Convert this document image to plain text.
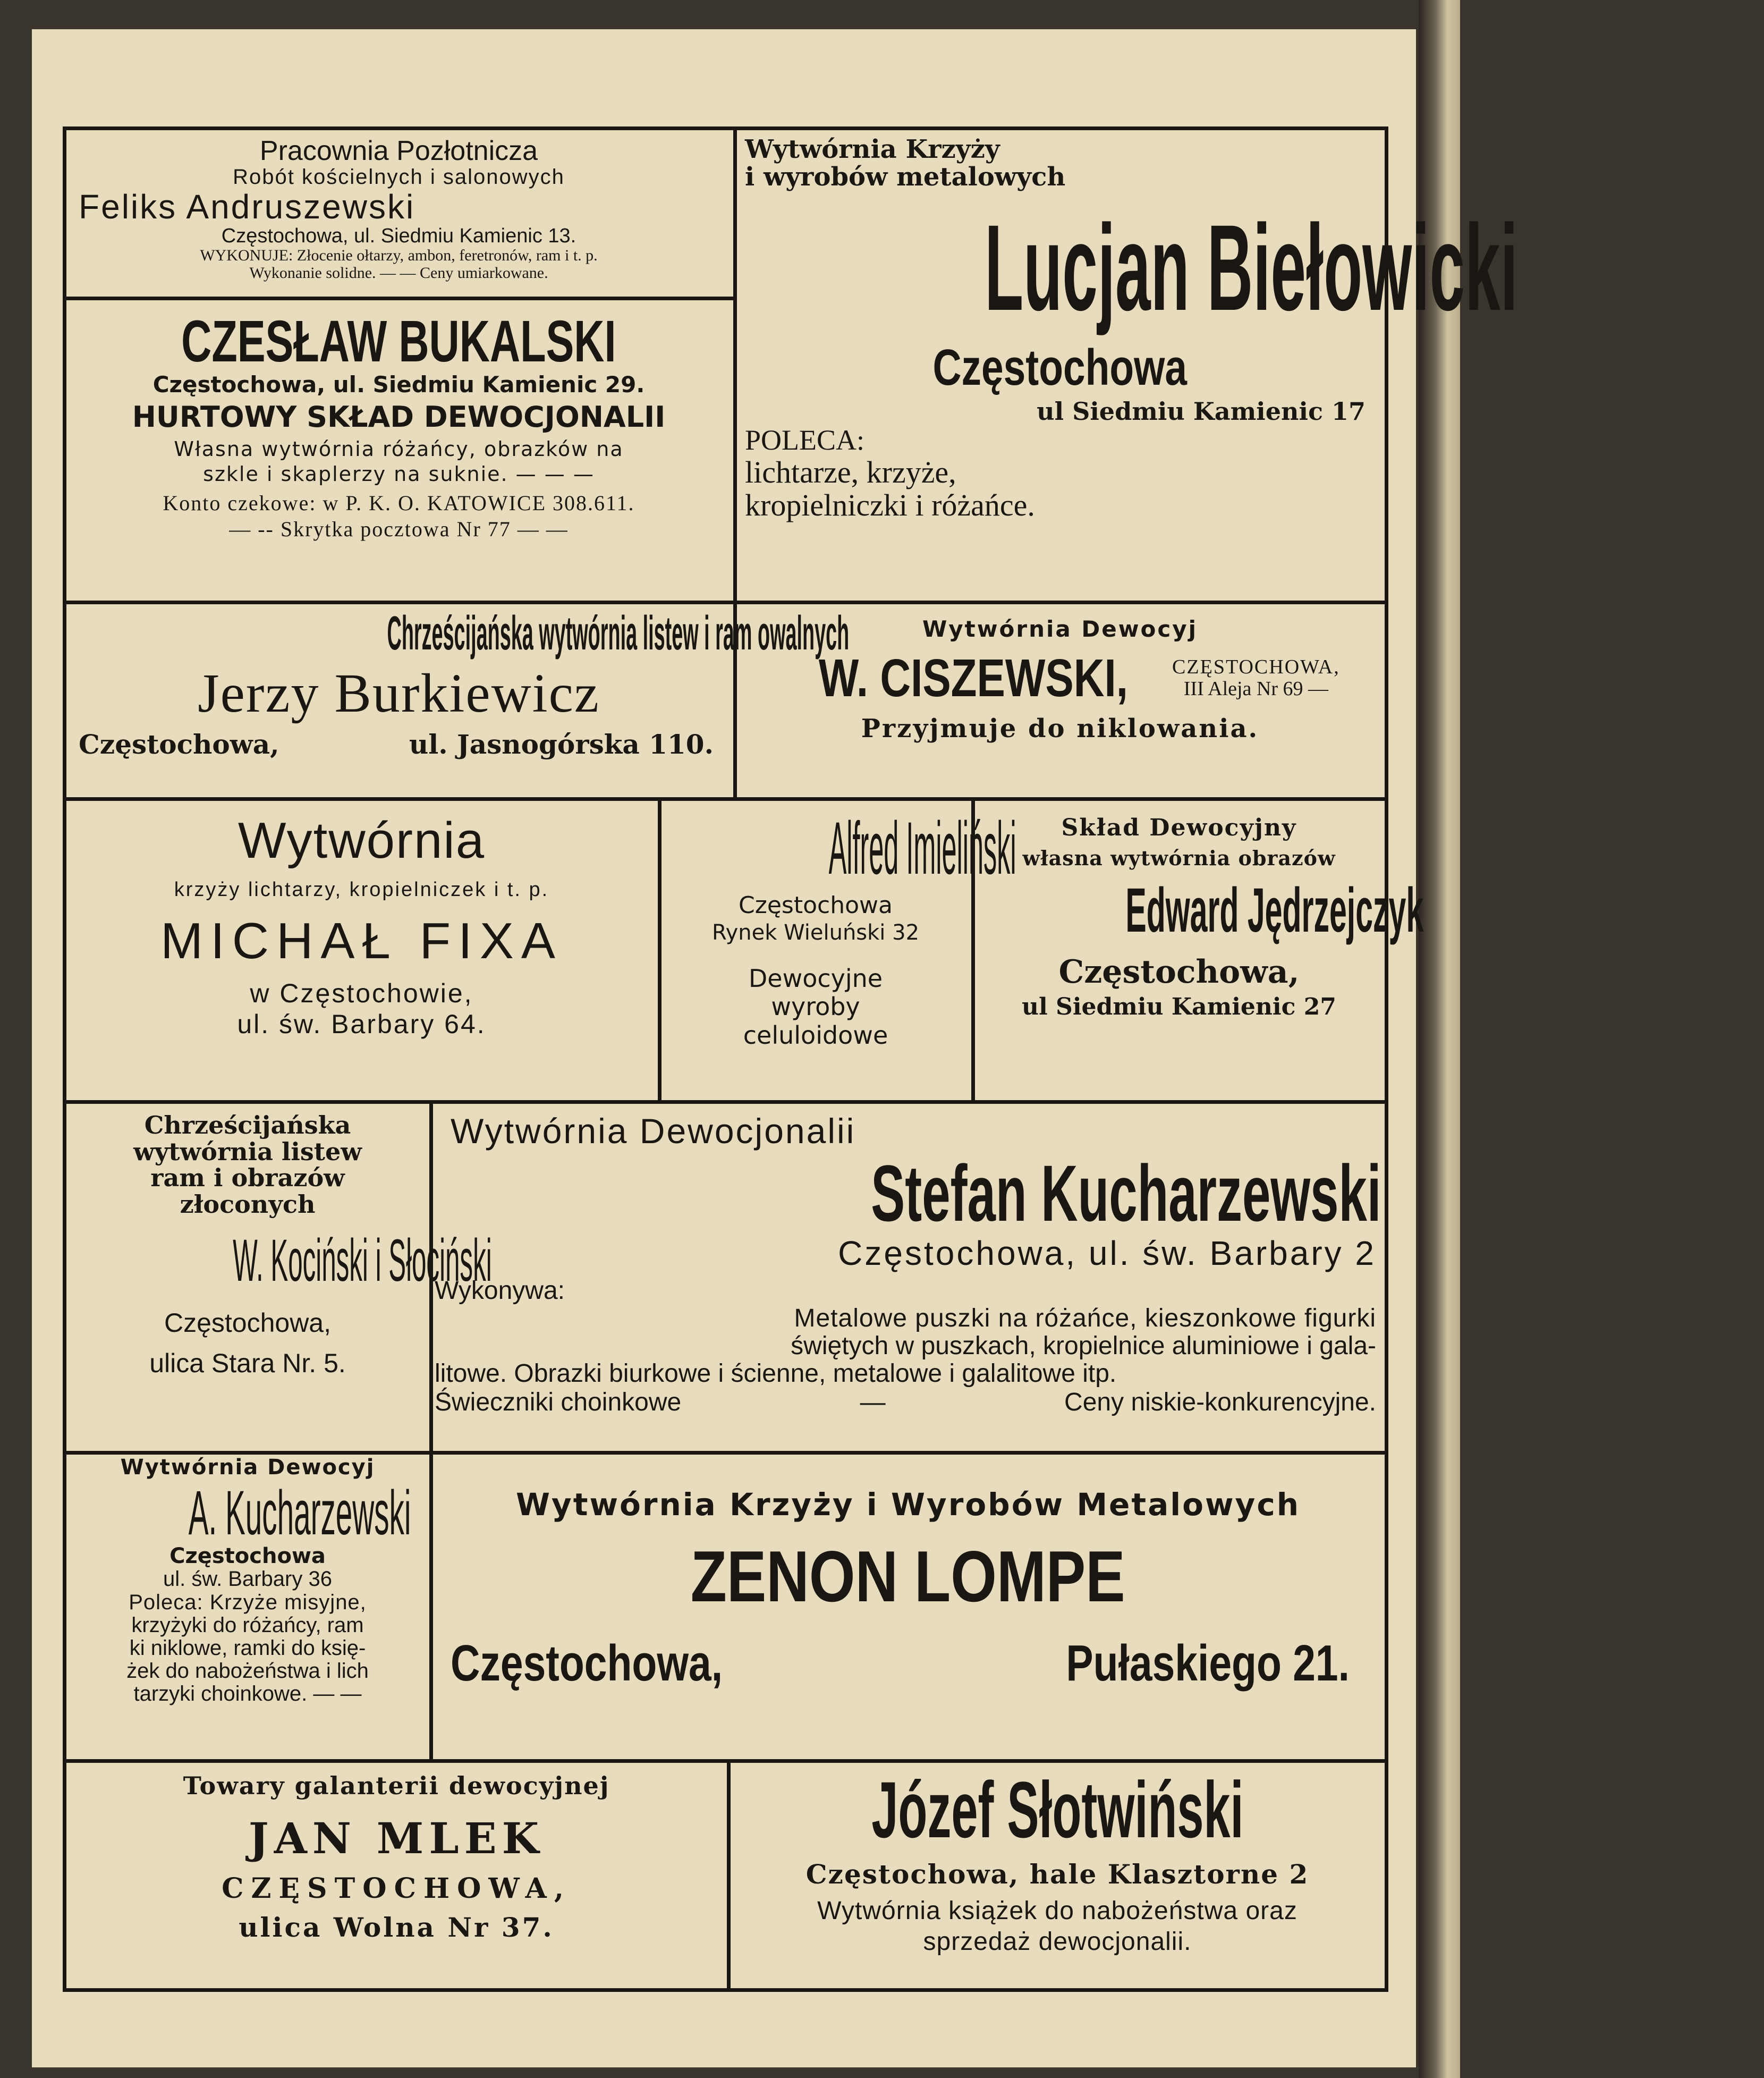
Pracownia Pozłotnicza
Robót kościelnych i salonowych
Feliks Andruszewski
Częstochowa, ul. Siedmiu Kamienic 13.
WYKONUJE: Złocenie ołtarzy, ambon, feretronów, ram i t. p.
Wykonanie solidne. — — Ceny umiarkowane.
CZESŁAW BUKALSKI
Częstochowa, ul. Siedmiu Kamienic 29.
HURTOWY SKŁAD DEWOCJONALII
Własna wytwórnia różańcy, obrazków na
szkle i skaplerzy na suknie. — — —
Konto czekowe: w P. K. O. KATOWICE 308.611.
— -- Skrytka pocztowa Nr 77 — —
Wytwórnia Krzyży
i wyrobów metalowych
Lucjan Biełowicki
Częstochowa
ul Siedmiu Kamienic 17
POLECA:
lichtarze, krzyże,
kropielniczki i różańce.
Chrześcijańska wytwórnia listew i ram owalnych
Jerzy Burkiewicz
Częstochowa,	ul. Jasnogórska 110.
Wytwórnia Dewocyj
W. CISZEWSKI,	CZĘSTOCHOWA,
III Aleja Nr 69 —
Przyjmuje do niklowania.
Wytwórnia
krzyży lichtarzy, kropielniczek i t. p.
MICHAŁ FIXA
w Częstochowie,
ul. św. Barbary 64.
Alfred Imieliński
Częstochowa
Rynek Wieluński 32
Dewocyjne
wyroby
celuloidowe
Skład Dewocyjny
własna wytwórnia obrazów
Edward Jędrzejczyk
Częstochowa,
ul Siedmiu Kamienic 27
Chrześcijańska
wytwórnia listew
ram i obrazów
złoconych
W. Kociński i Słociński
Częstochowa,
ulica Stara Nr. 5.
Wytwórnia Dewocjonalii
Stefan Kucharzewski
Częstochowa, ul. św. Barbary 2
Wykonywa:
Metalowe puszki na różańce, kieszonkowe figurki
świętych w puszkach, kropielnice aluminiowe i gala-
litowe. Obrazki biurkowe i ścienne, metalowe i galalitowe itp.
Świeczniki choinkowe	—	Ceny niskie-konkurencyjne.
Wytwórnia Dewocyj
A. Kucharzewski
Częstochowa
ul. św. Barbary 36
Poleca: Krzyże misyjne,
krzyżyki do różańcy, ram
ki niklowe, ramki do księ-
żek do nabożeństwa i lich
tarzyki choinkowe. — —
Wytwórnia Krzyży i Wyrobów Metalowych
ZENON LOMPE
Częstochowa,	Pułaskiego 21.
Towary galanterii dewocyjnej
JAN MLEK
CZĘSTOCHOWA,
ulica Wolna Nr 37.
Józef Słotwiński
Częstochowa, hale Klasztorne 2
Wytwórnia książek do nabożeństwa oraz
sprzedaż dewocjonalii.
